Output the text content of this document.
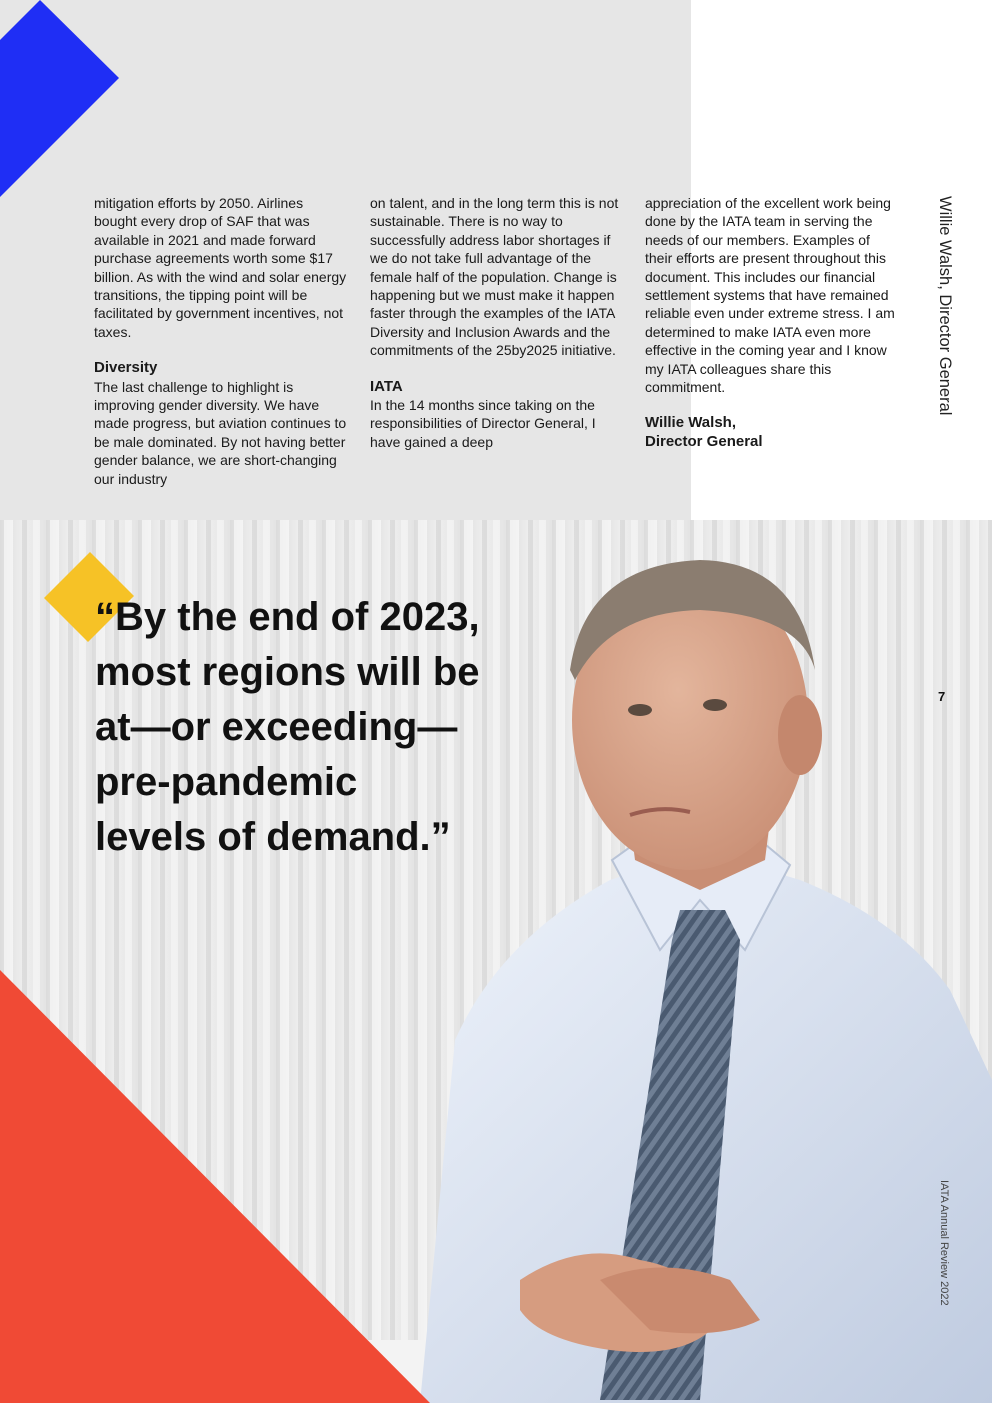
mitigation efforts by 2050. Airlines bought every drop of SAF that was available in 2021 and made forward purchase agreements worth some $17 billion. As with the wind and solar energy transitions, the tipping point will be facilitated by government incentives, not taxes.

Diversity

The last challenge to highlight is improving gender diversity. We have made progress, but aviation continues to be male dominated. By not having better gender balance, we are short-changing our industry

on talent, and in the long term this is not sustainable. There is no way to successfully address labor shortages if we do not take full advantage of the female half of the population. Change is happening but we must make it happen faster through the examples of the IATA Diversity and Inclusion Awards and the commitments of the 25by2025 initiative.

IATA

In the 14 months since taking on the responsibilities of Director General, I have gained a deep

appreciation of the excellent work being done by the IATA team in serving the needs of our members. Examples of their efforts are present throughout this document. This includes our financial settlement systems that have remained reliable even under extreme stress. I am determined to make IATA even more effective in the coming year and I know my IATA colleagues share this commitment.

Willie Walsh,
Director General
Willie Walsh, Director General
“By the end of 2023,
most regions will be
at—or exceeding—
pre-pandemic
levels of demand.”
7
IATA Annual Review 2022
